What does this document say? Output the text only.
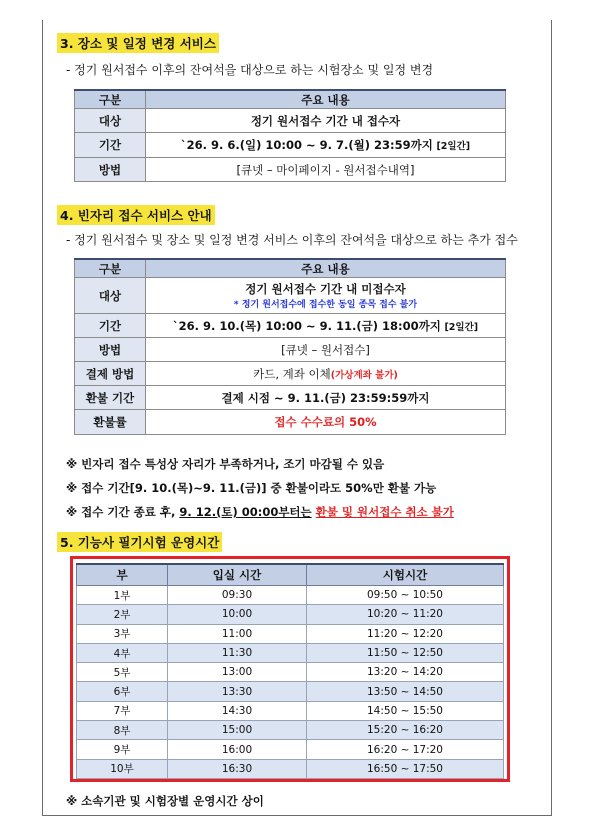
3. 장소 및 일정 변경 서비스
- 정기 원서접수 이후의 잔여석을 대상으로 하는 시험장소 및 일정 변경
구분	주요 내용
대상	정기 원서접수 기간 내 접수자
기간	`26. 9. 6.(일) 10:00 ~ 9. 7.(월) 23:59까지 [2일간]
방법	[큐넷 – 마이페이지 - 원서접수내역]
4. 빈자리 접수 서비스 안내
- 정기 원서접수 및 장소 및 일정 변경 서비스 이후의 잔여석을 대상으로 하는 추가 접수
구분	주요 내용
대상	정기 원서접수 기간 내 미접수자
* 정기 원서접수에 접수한 동일 종목 접수 불가

기간	`26. 9. 10.(목) 10:00 ~ 9. 11.(금) 18:00까지 [2일간]
방법	[큐넷 – 원서접수]
결제 방법	카드, 계좌 이체(가상계좌 불가)
환불 기간	결제 시점 ~ 9. 11.(금) 23:59:59까지
환불률	접수 수수료의 50%
※ 빈자리 접수 특성상 자리가 부족하거나, 조기 마감될 수 있음
※ 접수 기간[9. 10.(목)~9. 11.(금)] 중 환불이라도 50%만 환불 가능
※ 접수 기간 종료 후, 9. 12.(토) 00:00부터는 환불 및 원서접수 취소 불가
5. 기능사 필기시험 운영시간
부	입실 시간	시험시간
1부	09:30	09:50 ~ 10:50
2부	10:00	10:20 ~ 11:20
3부	11:00	11:20 ~ 12:20
4부	11:30	11:50 ~ 12:50
5부	13:00	13:20 ~ 14:20
6부	13:30	13:50 ~ 14:50
7부	14:30	14:50 ~ 15:50
8부	15:00	15:20 ~ 16:20
9부	16:00	16:20 ~ 17:20
10부	16:30	16:50 ~ 17:50
※ 소속기관 및 시험장별 운영시간 상이
